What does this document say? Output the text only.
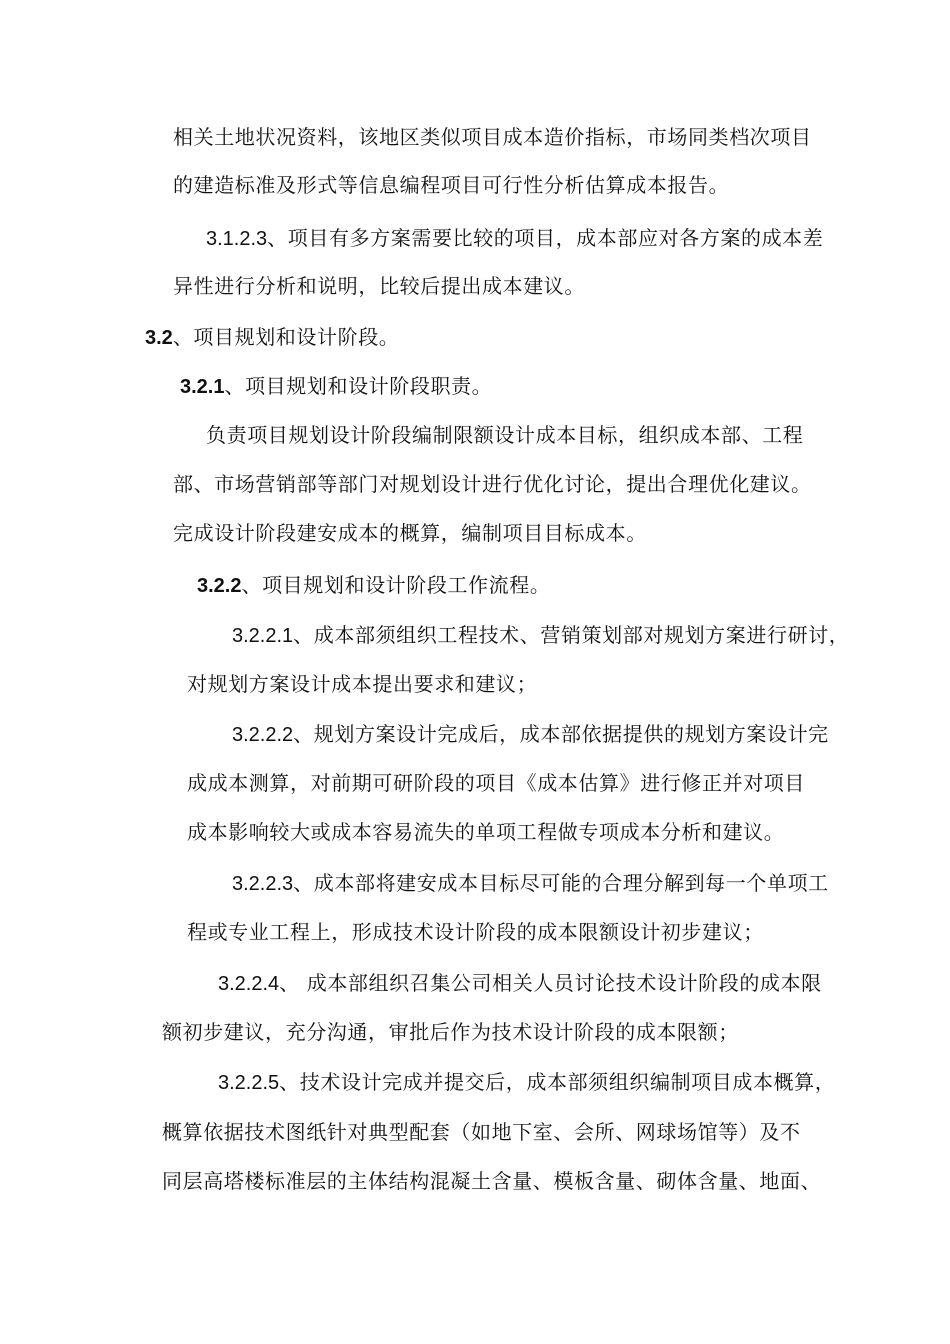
相关土地状况资料，该地区类似项目成本造价指标，市场同类档次项目
的建造标准及形式等信息编程项目可行性分析估算成本报告。
3.1.2.3、项目有多方案需要比较的项目，成本部应对各方案的成本差
异性进行分析和说明，比较后提出成本建议。
3.2、项目规划和设计阶段。
3.2.1、项目规划和设计阶段职责。
负责项目规划设计阶段编制限额设计成本目标，组织成本部、工程
部、市场营销部等部门对规划设计进行优化讨论，提出合理优化建议。
完成设计阶段建安成本的概算，编制项目目标成本。
3.2.2、项目规划和设计阶段工作流程。
3.2.2.1、成本部须组织工程技术、营销策划部对规划方案进行研讨，
对规划方案设计成本提出要求和建议；
3.2.2.2、规划方案设计完成后，成本部依据提供的规划方案设计完
成成本测算，对前期可研阶段的项目《成本估算》进行修正并对项目
成本影响较大或成本容易流失的单项工程做专项成本分析和建议。
3.2.2.3、成本部将建安成本目标尽可能的合理分解到每一个单项工
程或专业工程上，形成技术设计阶段的成本限额设计初步建议；
3.2.2.4、 成本部组织召集公司相关人员讨论技术设计阶段的成本限
额初步建议，充分沟通，审批后作为技术设计阶段的成本限额；
3.2.2.5、技术设计完成并提交后，成本部须组织编制项目成本概算，
概算依据技术图纸针对典型配套（如地下室、会所、网球场馆等）及不
同层高塔楼标准层的主体结构混凝土含量、模板含量、砌体含量、地面、
